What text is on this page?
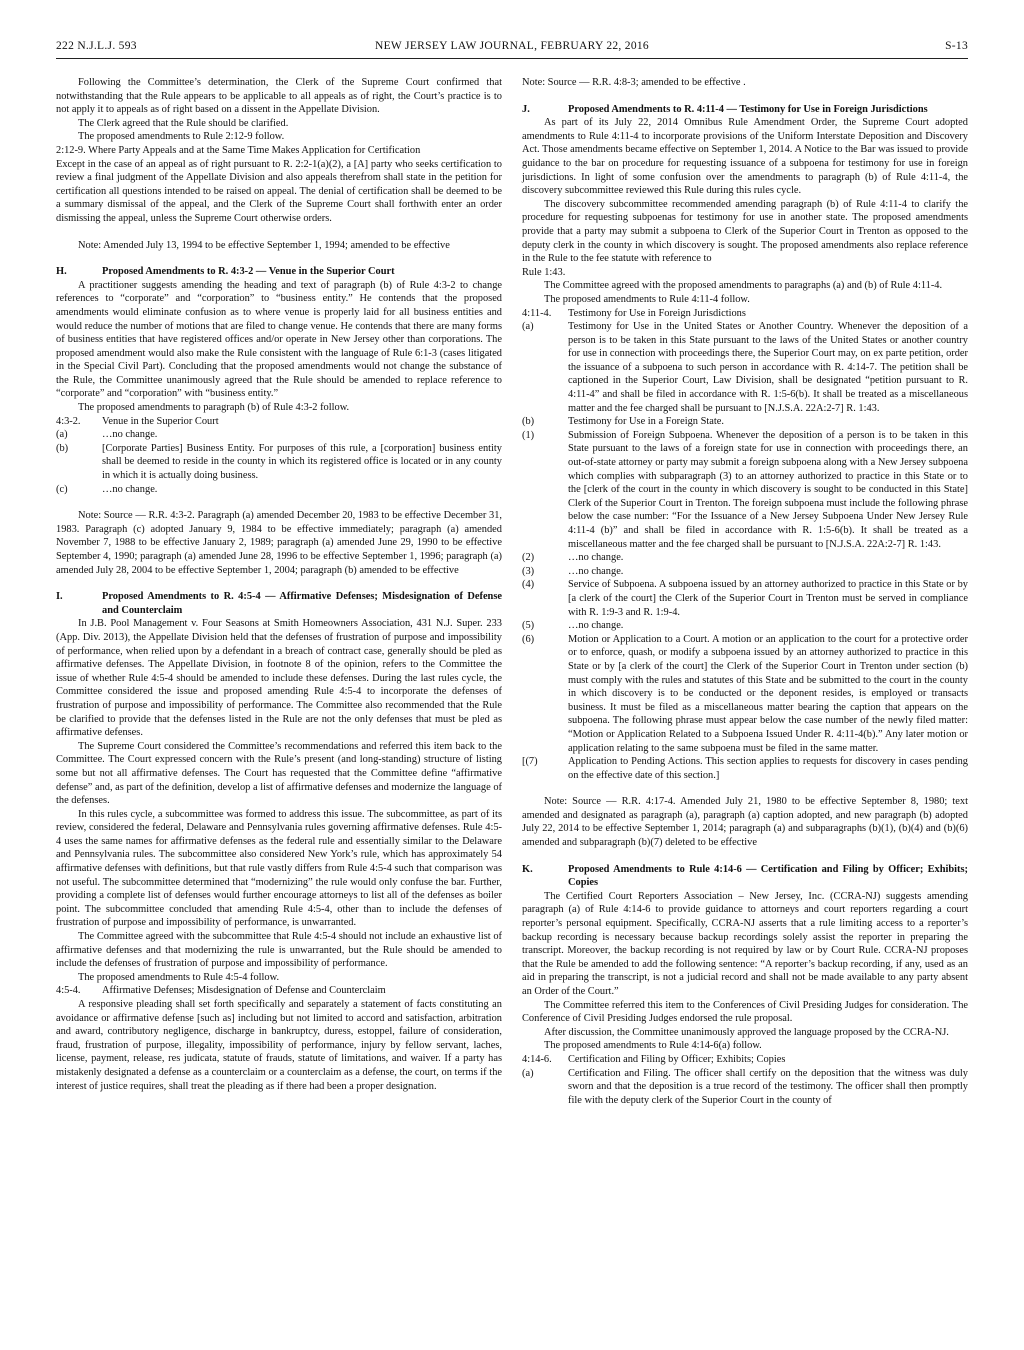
222 N.J.L.J. 593	NEW JERSEY LAW JOURNAL, FEBRUARY 22, 2016	S-13

Following the Committee’s determination, the Clerk of the Supreme Court confirmed that notwithstanding that the Rule appears to be applicable to all appeals as of right, the Court’s practice is to not apply it to appeals as of right based on a dissent in the Appellate Division.

The Clerk agreed that the Rule should be clarified.

The proposed amendments to Rule 2:12-9 follow.

2:12-9. Where Party Appeals and at the Same Time Makes Application for Certification

Except in the case of an appeal as of right pursuant to R. 2:2-1(a)(2), a [A] party who seeks certification to review a final judgment of the Appellate Division and also appeals therefrom shall state in the petition for certification all questions intended to be raised on appeal. The denial of certification shall be deemed to be a summary dismissal of the appeal, and the Clerk of the Supreme Court shall forthwith enter an order dismissing the appeal, unless the Supreme Court otherwise orders.

Note: Amended July 13, 1994 to be effective September 1, 1994; amended to be effective

H.	Proposed Amendments to R. 4:3-2 — Venue in the Superior Court

A practitioner suggests amending the heading and text of paragraph (b) of Rule 4:3-2 to change references to “corporate” and “corporation” to “business entity.” He contends that the proposed amendments would eliminate confusion as to where venue is properly laid for all business entities and would reduce the number of motions that are filed to change venue. He contends that there are many forms of business entities that have registered offices and/or operate in New Jersey other than corporations. The proposed amendment would also make the Rule consistent with the language of Rule 6:1-3 (cases litigated in the Special Civil Part). Concluding that the proposed amendments would not change the substance of the Rule, the Committee unanimously agreed that the Rule should be amended to replace reference to “corporate” and “corporation” with “business entity.”

The proposed amendments to paragraph (b) of Rule 4:3-2 follow.

4:3-2.	Venue in the Superior Court
(a)	…no change.
(b)	[Corporate Parties] Business Entity. For purposes of this rule, a [corporation] business entity shall be deemed to reside in the county in which its registered office is located or in any county in which it is actually doing business.
(c)	…no change.

Note: Source — R.R. 4:3-2. Paragraph (a) amended December 20, 1983 to be effective December 31, 1983. Paragraph (c) adopted January 9, 1984 to be effective immediately; paragraph (a) amended November 7, 1988 to be effective January 2, 1989; paragraph (a) amended June 29, 1990 to be effective September 4, 1990; paragraph (a) amended June 28, 1996 to be effective September 1, 1996; paragraph (a) amended July 28, 2004 to be effective September 1, 2004; paragraph (b) amended to be effective

I.	Proposed Amendments to R. 4:5-4 — Affirmative Defenses; Misdesignation of Defense and Counterclaim

In J.B. Pool Management v. Four Seasons at Smith Homeowners Association, 431 N.J. Super. 233 (App. Div. 2013), the Appellate Division held that the defenses of frustration of purpose and impossibility of performance, when relied upon by a defendant in a breach of contract case, generally should be pled as affirmative defenses. The Appellate Division, in footnote 8 of the opinion, refers to the Committee the issue of whether Rule 4:5-4 should be amended to include these defenses. During the last rules cycle, the Committee considered the issue and proposed amending Rule 4:5-4 to incorporate the defenses of frustration of purpose and impossibility of performance. The Committee also recommended that the Rule be clarified to provide that the defenses listed in the Rule are not the only defenses that must be pled as affirmative defenses.

The Supreme Court considered the Committee’s recommendations and referred this item back to the Committee. The Court expressed concern with the Rule’s present (and long-standing) structure of listing some but not all affirmative defenses. The Court has requested that the Committee define “affirmative defense” and, as part of the definition, develop a list of affirmative defenses and modernize the language of the defenses.

In this rules cycle, a subcommittee was formed to address this issue. The subcommittee, as part of its review, considered the federal, Delaware and Pennsylvania rules governing affirmative defenses. Rule 4:5-4 uses the same names for affirmative defenses as the federal rule and essentially similar to the Delaware and Pennsylvania rules. The subcommittee also considered New York’s rule, which has approximately 54 affirmative defenses with definitions, but that rule vastly differs from Rule 4:5-4 such that comparison was not useful. The subcommittee determined that “modernizing” the rule would only confuse the bar. Further, providing a complete list of defenses would further encourage attorneys to list all of the defenses as boiler point. The subcommittee concluded that amending Rule 4:5-4, other than to include the defenses of frustration of purpose and impossibility of performance, is unwarranted.

The Committee agreed with the subcommittee that Rule 4:5-4 should not include an exhaustive list of affirmative defenses and that modernizing the rule is unwarranted, but the Rule should be amended to include the defenses of frustration of purpose and impossibility of performance.

The proposed amendments to Rule 4:5-4 follow.

4:5-4.	Affirmative Defenses; Misdesignation of Defense and Counterclaim

A responsive pleading shall set forth specifically and separately a statement of facts constituting an avoidance or affirmative defense [such as] including but not limited to accord and satisfaction, arbitration and award, contributory negligence, discharge in bankruptcy, duress, estoppel, failure of consideration, fraud, frustration of purpose, illegality, impossibility of performance, injury by fellow servant, laches, license, payment, release, res judicata, statute of frauds, statute of limitations, and waiver. If a party has mistakenly designated a defense as a counterclaim or a counterclaim as a defense, the court, on terms if the interest of justice requires, shall treat the pleading as if there had been a proper designation.

Note: Source — R.R. 4:8-3; amended to be effective .

J.	Proposed Amendments to R. 4:11-4 — Testimony for Use in Foreign Jurisdictions

As part of its July 22, 2014 Omnibus Rule Amendment Order, the Supreme Court adopted amendments to Rule 4:11-4 to incorporate provisions of the Uniform Interstate Deposition and Discovery Act. Those amendments became effective on September 1, 2014. A Notice to the Bar was issued to provide guidance to the bar on procedure for requesting issuance of a subpoena for testimony for use in foreign jurisdictions. In light of some confusion over the amendments to paragraph (b) of Rule 4:11-4, the discovery subcommittee reviewed this Rule during this rules cycle.

The discovery subcommittee recommended amending paragraph (b) of Rule 4:11-4 to clarify the procedure for requesting subpoenas for testimony for use in another state. The proposed amendments provide that a party may submit a subpoena to Clerk of the Superior Court in Trenton as opposed to the deputy clerk in the county in which discovery is sought. The proposed amendments also replace reference in the Rule to the fee statute with reference to

Rule 1:43.

The Committee agreed with the proposed amendments to paragraphs (a) and (b) of Rule 4:11-4.

The proposed amendments to Rule 4:11-4 follow.

4:11-4.	Testimony for Use in Foreign Jurisdictions
(a)	Testimony for Use in the United States or Another Country. Whenever the deposition of a person is to be taken in this State pursuant to the laws of the United States or another country for use in connection with proceedings there, the Superior Court may, on ex parte petition, order the issuance of a subpoena to such person in accordance with R. 4:14-7. The petition shall be captioned in the Superior Court, Law Division, shall be designated “petition pursuant to R. 4:11-4” and shall be filed in accordance with R. 1:5-6(b). It shall be treated as a miscellaneous matter and the fee charged shall be pursuant to [N.J.S.A. 22A:2-7] R. 1:43.
(b)	Testimony for Use in a Foreign State.
(1)	Submission of Foreign Subpoena. Whenever the deposition of a person is to be taken in this State pursuant to the laws of a foreign state for use in connection with proceedings there, an out-of-state attorney or party may submit a foreign subpoena along with a New Jersey subpoena which complies with subparagraph (3) to an attorney authorized to practice in this State or to the [clerk of the court in the county in which discovery is sought to be conducted in this State] Clerk of the Superior Court in Trenton. The foreign subpoena must include the following phrase below the case number: “For the Issuance of a New Jersey Subpoena Under New Jersey Rule 4:11-4 (b)” and shall be filed in accordance with R. 1:5-6(b). It shall be treated as a miscellaneous matter and the fee charged shall be pursuant to [N.J.S.A. 22A:2-7] R. 1:43.
(2)	…no change.
(3)	…no change.
(4)	Service of Subpoena. A subpoena issued by an attorney authorized to practice in this State or by [a clerk of the court] the Clerk of the Superior Court in Trenton must be served in compliance with R. 1:9-3 and R. 1:9-4.
(5)	…no change.
(6)	Motion or Application to a Court. A motion or an application to the court for a protective order or to enforce, quash, or modify a subpoena issued by an attorney authorized to practice in this State or by [a clerk of the court] the Clerk of the Superior Court in Trenton under section (b) must comply with the rules and statutes of this State and be submitted to the court in the county in which discovery is to be conducted or the deponent resides, is employed or transacts business. It must be filed as a miscellaneous matter bearing the caption that appears on the subpoena. The following phrase must appear below the case number of the newly filed matter: “Motion or Application Related to a Subpoena Issued Under R. 4:11-4(b).” Any later motion or application relating to the same subpoena must be filed in the same matter.
[(7)	Application to Pending Actions. This section applies to requests for discovery in cases pending on the effective date of this section.]

Note: Source — R.R. 4:17-4. Amended July 21, 1980 to be effective September 8, 1980; text amended and designated as paragraph (a), paragraph (a) caption adopted, and new paragraph (b) adopted July 22, 2014 to be effective September 1, 2014; paragraph (a) and subparagraphs (b)(1), (b)(4) and (b)(6) amended and subparagraph (b)(7) deleted to be effective

K.	Proposed Amendments to Rule 4:14-6 — Certification and Filing by Officer; Exhibits; Copies

The Certified Court Reporters Association – New Jersey, Inc. (CCRA-NJ) suggests amending paragraph (a) of Rule 4:14-6 to provide guidance to attorneys and court reporters regarding a court reporter’s personal equipment. Specifically, CCRA-NJ asserts that a rule limiting access to a reporter’s backup recording is necessary because backup recordings solely assist the reporter in preparing the transcript. Moreover, the backup recording is not required by law or by Court Rule. CCRA-NJ proposes that the Rule be amended to add the following sentence: “A reporter’s backup recording, if any, used as an aid in preparing the transcript, is not a judicial record and shall not be made available to any party absent an Order of the Court.”

The Committee referred this item to the Conferences of Civil Presiding Judges for consideration. The Conference of Civil Presiding Judges endorsed the rule proposal.

After discussion, the Committee unanimously approved the language proposed by the CCRA-NJ.

The proposed amendments to Rule 4:14-6(a) follow.

4:14-6.	Certification and Filing by Officer; Exhibits; Copies
(a)	Certification and Filing. The officer shall certify on the deposition that the witness was duly sworn and that the deposition is a true record of the testimony. The officer shall then promptly file with the deputy clerk of the Superior Court in the county of
